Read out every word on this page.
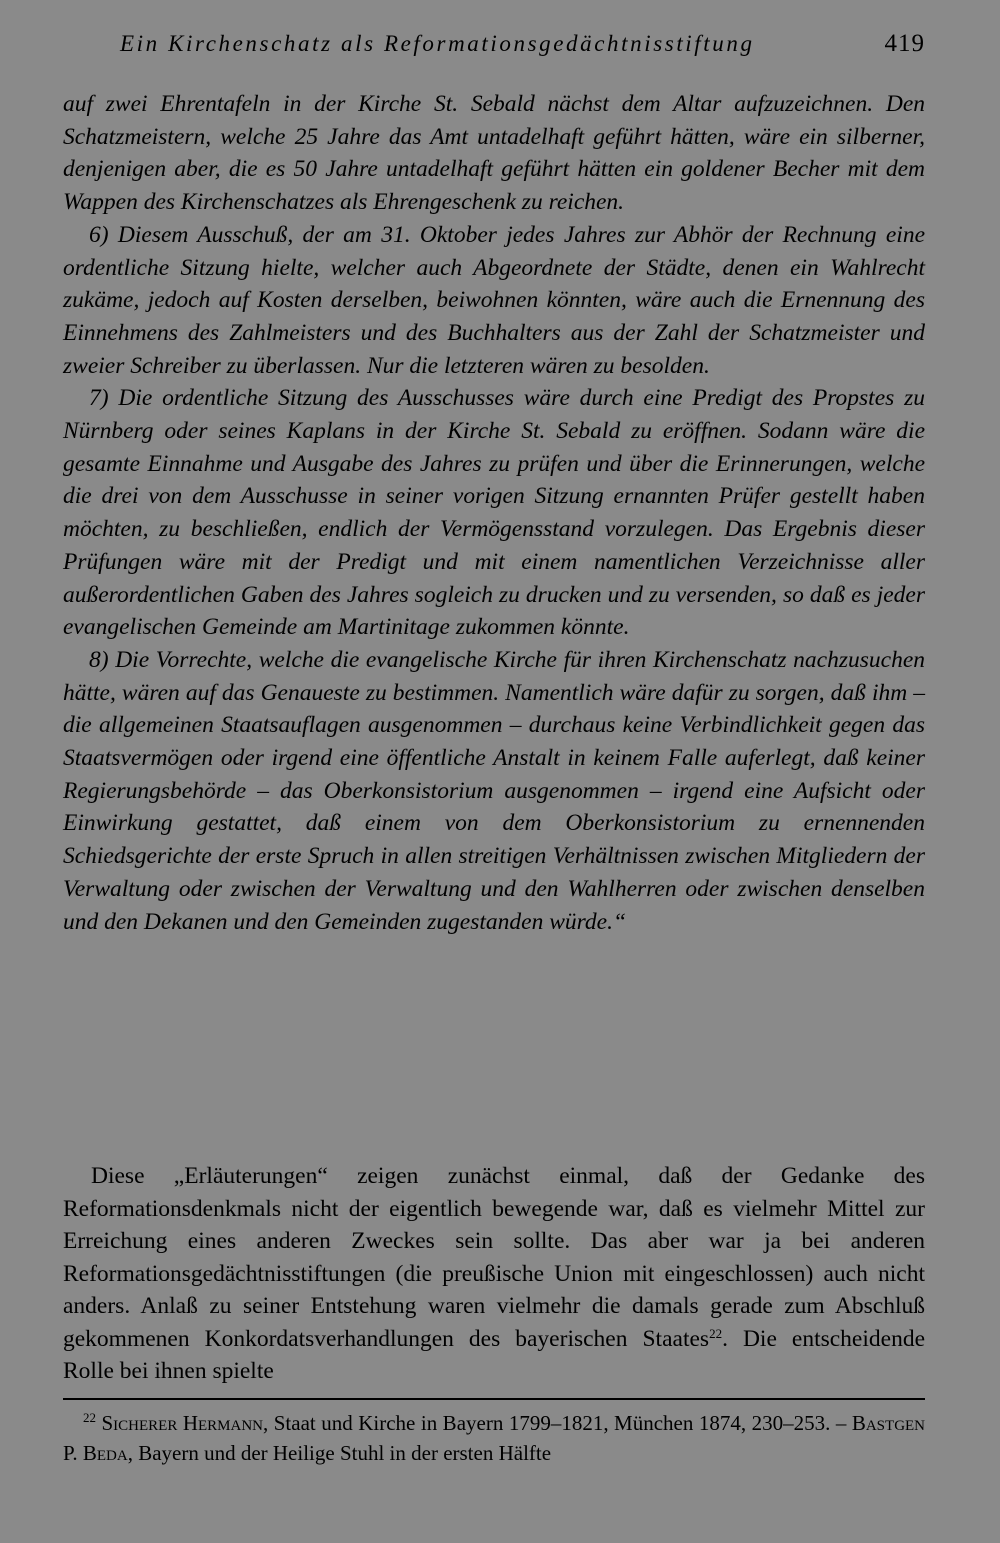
Ein Kirchenschatz als Reformationsgedächtnisstiftung	419

auf zwei Ehrentafeln in der Kirche St. Sebald nächst dem Altar aufzuzeichnen. Den Schatzmeistern, welche 25 Jahre das Amt untadelhaft geführt hätten, wäre ein silberner, denjenigen aber, die es 50 Jahre untadelhaft geführt hätten ein goldener Becher mit dem Wappen des Kirchenschatzes als Ehrengeschenk zu reichen.

6) Diesem Ausschuß, der am 31. Oktober jedes Jahres zur Abhör der Rechnung eine ordentliche Sitzung hielte, welcher auch Abgeordnete der Städte, denen ein Wahlrecht zukäme, jedoch auf Kosten derselben, beiwohnen könnten, wäre auch die Ernennung des Einnehmens des Zahlmeisters und des Buchhalters aus der Zahl der Schatzmeister und zweier Schreiber zu überlassen. Nur die letzteren wären zu besolden.

7) Die ordentliche Sitzung des Ausschusses wäre durch eine Predigt des Propstes zu Nürnberg oder seines Kaplans in der Kirche St. Sebald zu eröffnen. Sodann wäre die gesamte Einnahme und Ausgabe des Jahres zu prüfen und über die Erinnerungen, welche die drei von dem Ausschusse in seiner vorigen Sitzung ernannten Prüfer gestellt haben möchten, zu beschließen, endlich der Vermögensstand vorzulegen. Das Ergebnis dieser Prüfungen wäre mit der Predigt und mit einem namentlichen Verzeichnisse aller außerordentlichen Gaben des Jahres sogleich zu drucken und zu versenden, so daß es jeder evangelischen Gemeinde am Martinitage zukommen könnte.

8) Die Vorrechte, welche die evangelische Kirche für ihren Kirchenschatz nachzusuchen hätte, wären auf das Genaueste zu bestimmen. Namentlich wäre dafür zu sorgen, daß ihm – die allgemeinen Staatsauflagen ausgenommen – durchaus keine Verbindlichkeit gegen das Staatsvermögen oder irgend eine öffentliche Anstalt in keinem Falle auferlegt, daß keiner Regierungsbehörde – das Oberkonsistorium ausgenommen – irgend eine Aufsicht oder Einwirkung gestattet, daß einem von dem Oberkonsistorium zu ernennenden Schiedsgerichte der erste Spruch in allen streitigen Verhältnissen zwischen Mitgliedern der Verwaltung oder zwischen der Verwaltung und den Wahlherren oder zwischen denselben und den Dekanen und den Gemeinden zugestanden würde.“

Diese „Erläuterungen“ zeigen zunächst einmal, daß der Gedanke des Reformationsdenkmals nicht der eigentlich bewegende war, daß es vielmehr Mittel zur Erreichung eines anderen Zweckes sein sollte. Das aber war ja bei anderen Reformationsgedächtnisstiftungen (die preußische Union mit eingeschlossen) auch nicht anders. Anlaß zu seiner Entstehung waren vielmehr die damals gerade zum Abschluß gekommenen Konkordatsverhandlungen des bayerischen Staates$^{22}$. Die entscheidende Rolle bei ihnen spielte

$^{22}$ Sicherer Hermann, Staat und Kirche in Bayern 1799–1821, München 1874, 230–253. – Bastgen P. Beda, Bayern und der Heilige Stuhl in der ersten Hälfte
